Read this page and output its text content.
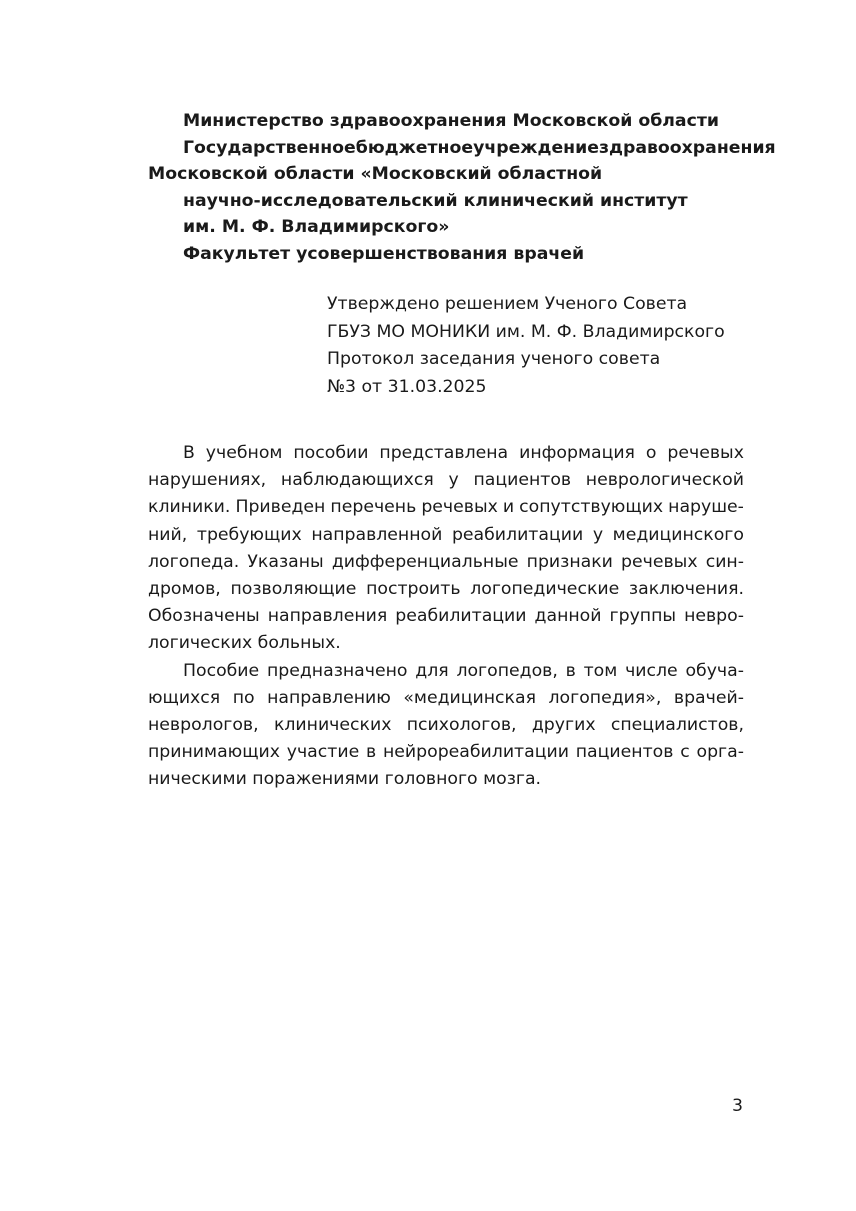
Министерство здравоохранения Московской области
Государственное бюджетное учреждение здравоохранения
Московской области «Московский областной
научно-исследовательский клинический институт
им. М. Ф. Владимирского»
Факультет усовершенствования врачей
Утверждено решением Ученого Совета
ГБУЗ МО МОНИКИ им. М. Ф. Владимирского
Протокол заседания ученого совета
№3 от 31.03.2025
В учебном пособии представлена информация о речевых
нарушениях, наблюдающихся у пациентов неврологической
клиники. Приведен перечень речевых и сопутствующих наруше-
ний, требующих направленной реабилитации у медицинского
логопеда. Указаны дифференциальные признаки речевых син-
дромов, позволяющие построить логопедические заключения.
Обозначены направления реабилитации данной группы невро-
логических больных.
Пособие предназначено для логопедов, в том числе обуча-
ющихся по направлению «медицинская логопедия», врачей-
неврологов, клинических психологов, других специалистов,
принимающих участие в нейрореабилитации пациентов с орга-
ническими поражениями головного мозга.
3
